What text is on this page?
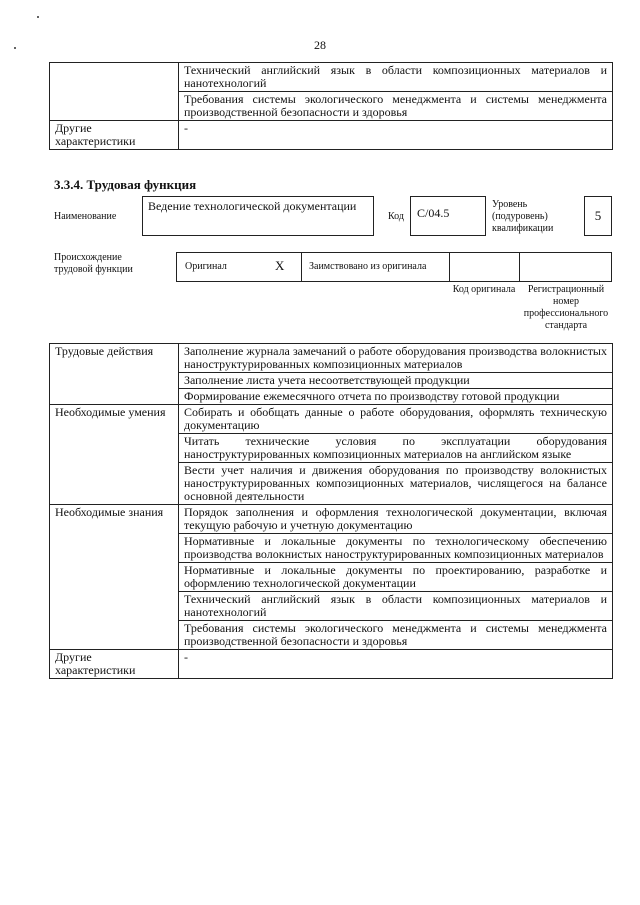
28
	Технический английский язык в области композиционных материалов и нанотехнологий
	Требования системы экологического менеджмента и системы менеджмента производственной безопасности и здоровья
Другие характеристики	-
3.3.4. Трудовая функция
Наименование
Ведение технологической документации
Код	C/04.5
Уровень (подуровень) квалификации
5
Происхождение трудовой функции	Оригинал	X Заимствовано из оригинала
Код оригинала	Регистрационный номер профессионального стандарта
Трудовые действия	Заполнение журнала замечаний о работе оборудования производства волокнистых наноструктурированных композиционных материалов
	Заполнение листа учета несоответствующей продукции
	Формирование ежемесячного отчета по производству готовой продукции
Необходимые умения	Собирать и обобщать данные о работе оборудования, оформлять техническую документацию
	Читать технические условия по эксплуатации оборудования наноструктурированных композиционных материалов на английском языке
	Вести учет наличия и движения оборудования по производству волокнистых наноструктурированных композиционных материалов, числящегося на балансе основной деятельности
Необходимые знания	Порядок заполнения и оформления технологической документации, включая текущую рабочую и учетную документацию
	Нормативные и локальные документы по технологическому обеспечению производства волокнистых наноструктурированных композиционных материалов
	Нормативные и локальные документы по проектированию, разработке и оформлению технологической документации
	Технический английский язык в области композиционных материалов и нанотехнологий
	Требования системы экологического менеджмента и системы менеджмента производственной безопасности и здоровья
Другие характеристики	-
